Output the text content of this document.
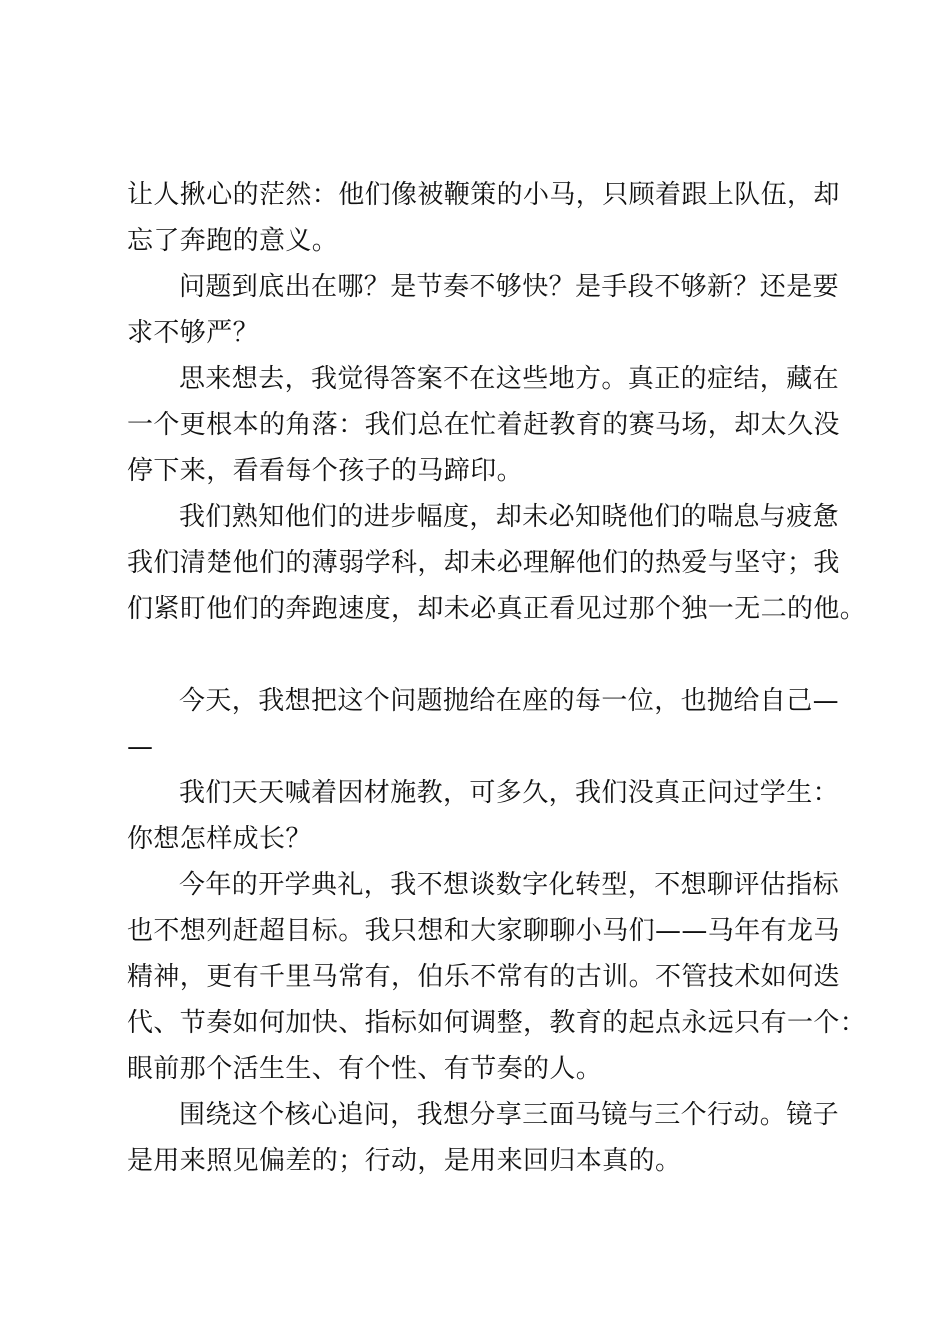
让人揪心的茫然：他们像被鞭策的小马，只顾着跟上队伍，却
忘了奔跑的意义。
问题到底出在哪？是节奏不够快？是手段不够新？还是要
求不够严？
思来想去，我觉得答案不在这些地方。真正的症结，藏在
一个更根本的角落：我们总在忙着赶教育的赛马场，却太久没
停下来，看看每个孩子的马蹄印。
我们熟知他们的进步幅度，却未必知晓他们的喘息与疲惫
我们清楚他们的薄弱学科，却未必理解他们的热爱与坚守；我
们紧盯他们的奔跑速度，却未必真正看见过那个独一无二的他。
今天，我想把这个问题抛给在座的每一位，也抛给自己—
—
我们天天喊着因材施教，可多久，我们没真正问过学生：
你想怎样成长？
今年的开学典礼，我不想谈数字化转型，不想聊评估指标
也不想列赶超目标。我只想和大家聊聊小马们——马年有龙马
精神，更有千里马常有，伯乐不常有的古训。不管技术如何迭
代、节奏如何加快、指标如何调整，教育的起点永远只有一个：
眼前那个活生生、有个性、有节奏的人。
围绕这个核心追问，我想分享三面马镜与三个行动。镜子
是用来照见偏差的；行动，是用来回归本真的。
